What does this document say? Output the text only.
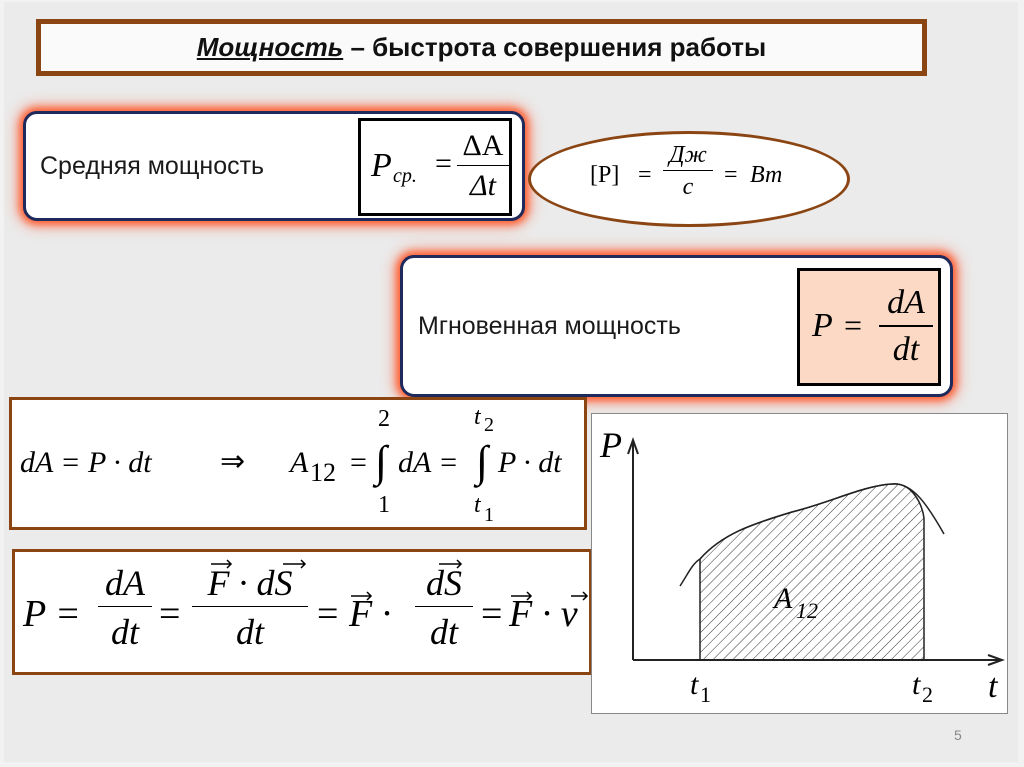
Мощность – быстрота совершения работы
Средняя мощность	P ср. =
ΔA
Δt	[P] =
Дж
с = Вт
Мгновенная мощность	P =
dA
dt
dA = P · dt ⇒ A 12 =
2
∫
1
dA =
t 2
∫
t 1
P · dt
P =
dA
dt =
F · dS
dt = F ·
dS
dt = F · v
P
t
A 12
t 1	t 2
5
